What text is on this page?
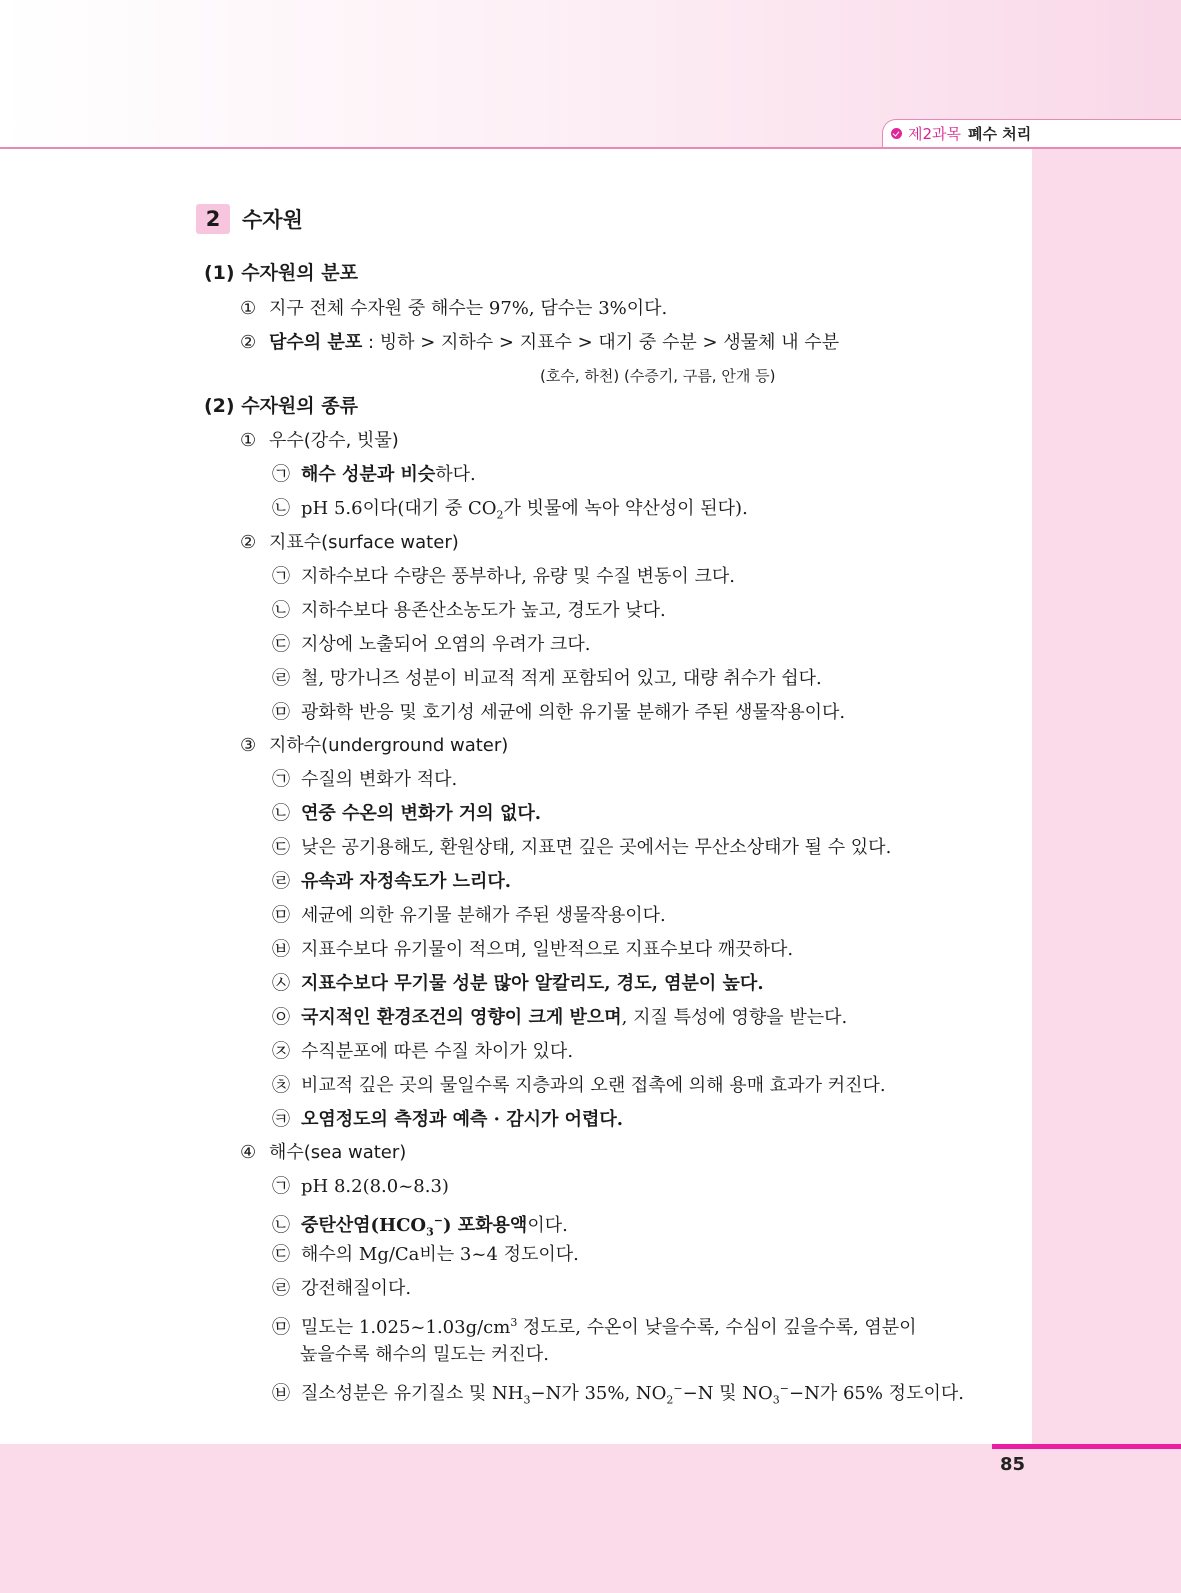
제2과목 폐수 처리
85
2	수자원
(1) 수자원의 분포
① 지구 전체 수자원 중 해수는 97%, 담수는 3%이다.
② 담수의 분포 : 빙하 > 지하수 > 지표수 > 대기 중 수분 > 생물체 내 수분
(호수, 하천) (수증기, 구름, 안개 등)
(2) 수자원의 종류
① 우수(강수, 빗물)
㉠ 해수 성분과 비슷하다.
㉡ pH 5.6이다(대기 중 $CO_2$가 빗물에 녹아 약산성이 된다).
② 지표수(surface water)
㉠ 지하수보다 수량은 풍부하나, 유량 및 수질 변동이 크다.
㉡ 지하수보다 용존산소농도가 높고, 경도가 낮다.
㉢ 지상에 노출되어 오염의 우려가 크다.
㉣ 철, 망가니즈 성분이 비교적 적게 포함되어 있고, 대량 취수가 쉽다.
㉤ 광화학 반응 및 호기성 세균에 의한 유기물 분해가 주된 생물작용이다.
③ 지하수(underground water)
㉠ 수질의 변화가 적다.
㉡ 연중 수온의 변화가 거의 없다.
㉢ 낮은 공기용해도, 환원상태, 지표면 깊은 곳에서는 무산소상태가 될 수 있다.
㉣ 유속과 자정속도가 느리다.
㉤ 세균에 의한 유기물 분해가 주된 생물작용이다.
㉥ 지표수보다 유기물이 적으며, 일반적으로 지표수보다 깨끗하다.
㉦ 지표수보다 무기물 성분 많아 알칼리도, 경도, 염분이 높다.
㉧ 국지적인 환경조건의 영향이 크게 받으며, 지질 특성에 영향을 받는다.
㉨ 수직분포에 따른 수질 차이가 있다.
㉩ 비교적 깊은 곳의 물일수록 지층과의 오랜 접촉에 의해 용매 효과가 커진다.
㉪ 오염정도의 측정과 예측 · 감시가 어렵다.
④ 해수(sea water)
㉠ pH 8.2(8.0~8.3)
㉡ 중탄산염$(HCO_3^-)$ 포화용액이다.
㉢ 해수의 Mg/Ca비는 3~4 정도이다.
㉣ 강전해질이다.
㉤ 밀도는 $1.025\sim 1.03g/cm^3$ 정도로, 수온이 낮을수록, 수심이 깊을수록, 염분이
높을수록 해수의 밀도는 커진다.
㉥ 질소성분은 유기질소 및 $NH_3-N$가 35%, $NO_2^--N$ 및 $NO_3^--N$가 65% 정도이다.
